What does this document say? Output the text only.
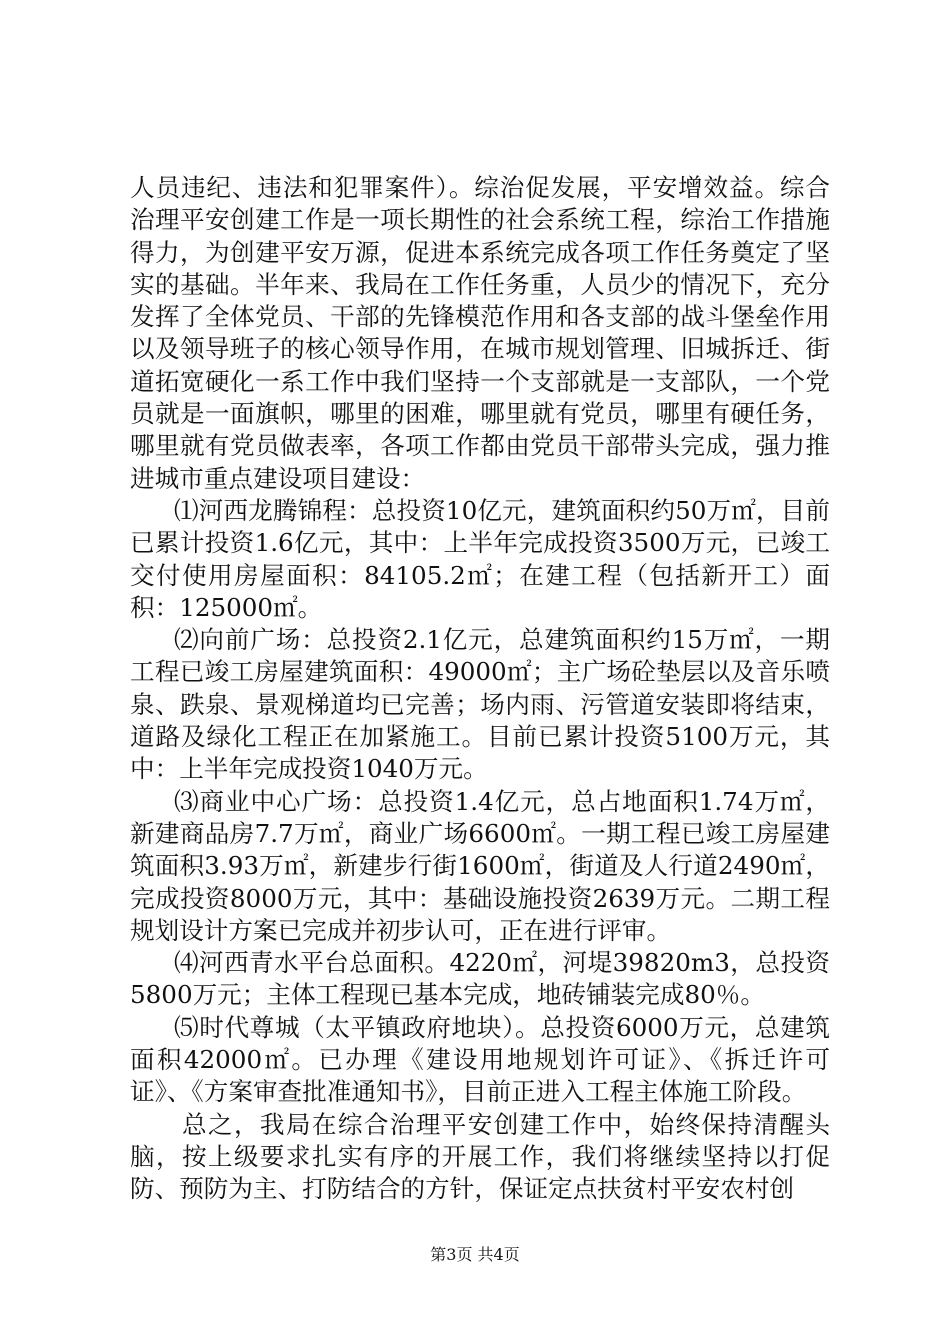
人员违纪、违法和犯罪案件）。综治促发展，平安增效益。综合治理平安创建工作是一项长期性的社会系统工程，综治工作措施得力，为创建平安万源，促进本系统完成各项工作任务奠定了坚实的基础。半年来、我局在工作任务重，人员少的情况下，充分发挥了全体党员、干部的先锋模范作用和各支部的战斗堡垒作用以及领导班子的核心领导作用，在城市规划管理、旧城拆迁、街道拓宽硬化一系工作中我们坚持一个支部就是一支部队，一个党员就是一面旗帜，哪里的困难，哪里就有党员，哪里有硬任务，哪里就有党员做表率，各项工作都由党员干部带头完成，强力推进城市重点建设项目建设：

⑴河西龙腾锦程：总投资10亿元，建筑面积约50万㎡，目前已累计投资1.6亿元，其中：上半年完成投资3500万元，已竣工交付使用房屋面积：84105.2㎡；在建工程（包括新开工）面积：125000㎡。

⑵向前广场：总投资2.1亿元，总建筑面积约15万㎡，一期工程已竣工房屋建筑面积：49000㎡；主广场砼垫层以及音乐喷泉、跌泉、景观梯道均已完善；场内雨、污管道安装即将结束，道路及绿化工程正在加紧施工。目前已累计投资5100万元，其中：上半年完成投资1040万元。

⑶商业中心广场：总投资1.4亿元，总占地面积1.74万㎡，新建商品房7.7万㎡，商业广场6600㎡。一期工程已竣工房屋建筑面积3.93万㎡，新建步行街1600㎡，街道及人行道2490㎡，完成投资8000万元，其中：基础设施投资2639万元。二期工程规划设计方案已完成并初步认可，正在进行评审。

⑷河西青水平台总面积。4220㎡，河堤39820m3，总投资5800万元；主体工程现已基本完成，地砖铺装完成80％。

⑸时代尊城（太平镇政府地块）。总投资6000万元，总建筑面积42000㎡。已办理《建设用地规划许可证》、《拆迁许可证》、《方案审查批准通知书》，目前正进入工程主体施工阶段。

总之，我局在综合治理平安创建工作中，始终保持清醒头脑，按上级要求扎实有序的开展工作，我们将继续坚持以打促防、预防为主、打防结合的方针，保证定点扶贫村平安农村创

第3页 共4页
